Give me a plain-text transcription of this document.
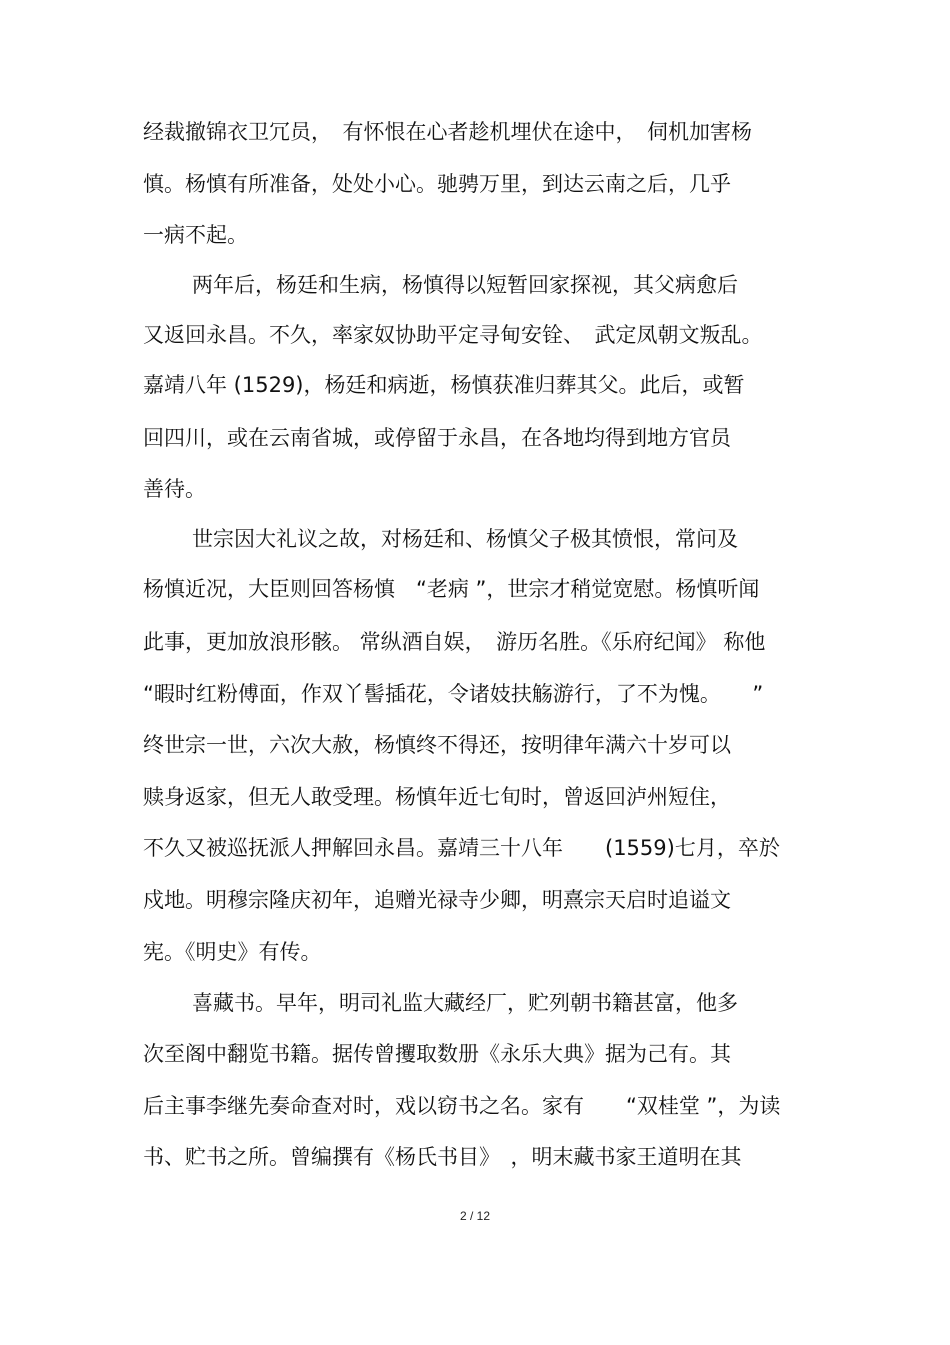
经裁撤锦衣卫冗员，　有怀恨在心者趁机埋伏在途中，　伺机加害杨

慎。杨慎有所准备，处处小心。驰骋万里，到达云南之后，几乎

一病不起。

两年后，杨廷和生病，杨慎得以短暂回家探视，其父病愈后

又返回永昌。不久，率家奴协助平定寻甸安铨、　武定凤朝文叛乱。

嘉靖八年 (1529)，杨廷和病逝，杨慎获准归葬其父。此后，或暂

回四川，或在云南省城，或停留于永昌，在各地均得到地方官员

善待。

世宗因大礼议之故，对杨廷和、杨慎父子极其愤恨，常问及

杨慎近况，大臣则回答杨慎　“老病 ”，世宗才稍觉宽慰。杨慎听闻

此事，更加放浪形骸。 常纵酒自娱，　游历名胜。《乐府纪闻》 称他

“暇时红粉傅面，作双丫髻插花，令诸妓扶觞游行，了不为愧。　　”

终世宗一世，六次大赦，杨慎终不得还，按明律年满六十岁可以

赎身返家，但无人敢受理。杨慎年近七旬时，曾返回泸州短住，

不久又被巡抚派人押解回永昌。嘉靖三十八年　　(1559)七月，卒於

戍地。明穆宗隆庆初年，追赠光禄寺少卿，明熹宗天启时追谥文

宪。《明史》有传。

喜藏书。早年，明司礼监大藏经厂，贮列朝书籍甚富，他多

次至阁中翻览书籍。据传曾攫取数册《永乐大典》据为己有。其

后主事李继先奏命查对时，戏以窃书之名。家有　　“双桂堂 ”，为读

书、贮书之所。曾编撰有《杨氏书目》　，明末藏书家王道明在其

2 / 12
